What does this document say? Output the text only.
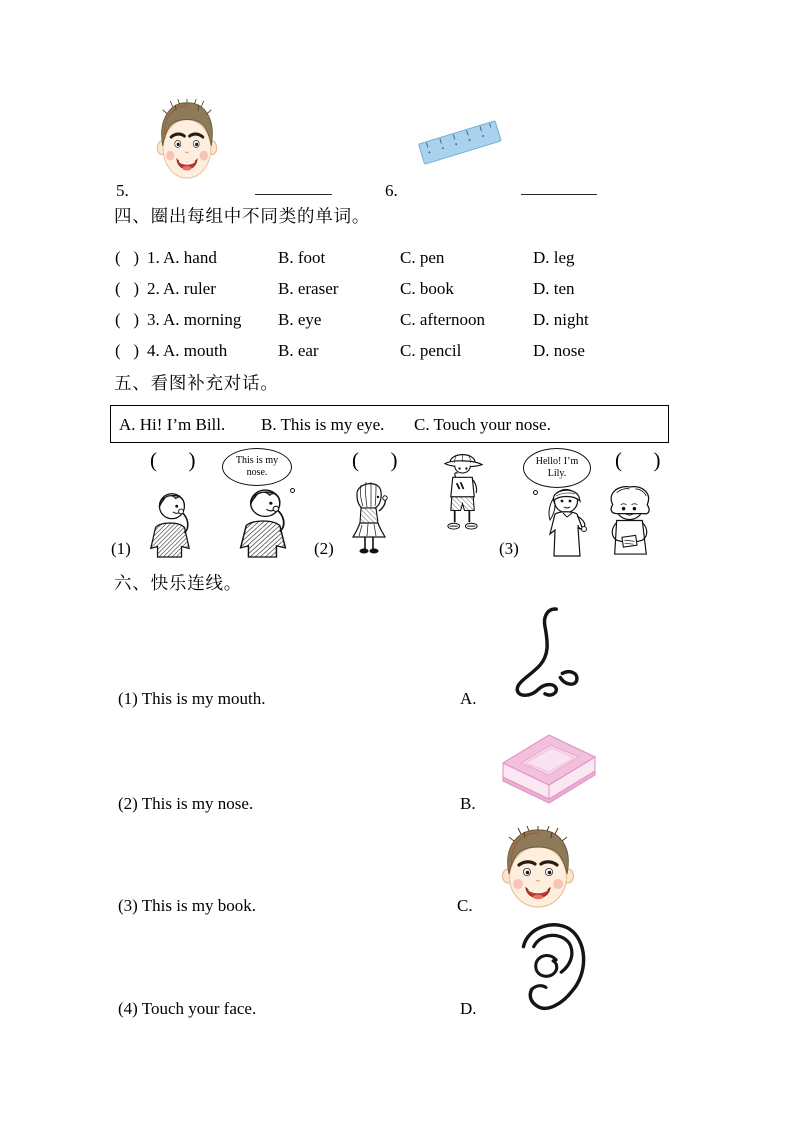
5.	6.
四、圈出每组中不同类的单词。
(   ) 1. A. hand	B. foot	C. pen	D. leg
(   ) 2. A. ruler	B. eraser	C. book	D. ten
(   ) 3. A. morning B. eye	C. afternoon	D. night
(   ) 4. A. mouth	B. ear	C. pencil	D. nose
五、看图补充对话。
A. Hi! I’m Bill. B. This is my eye. C. Touch your nose.
(      )	This is my nose.
(1)	(2)
(      )	Hello! I’m Lily.
(      )
(3)
六、快乐连线。
(1) This is my mouth.	A.
(2) This is my nose.	B.
(3) This is my book.	C.
(4) Touch your face.	D.
